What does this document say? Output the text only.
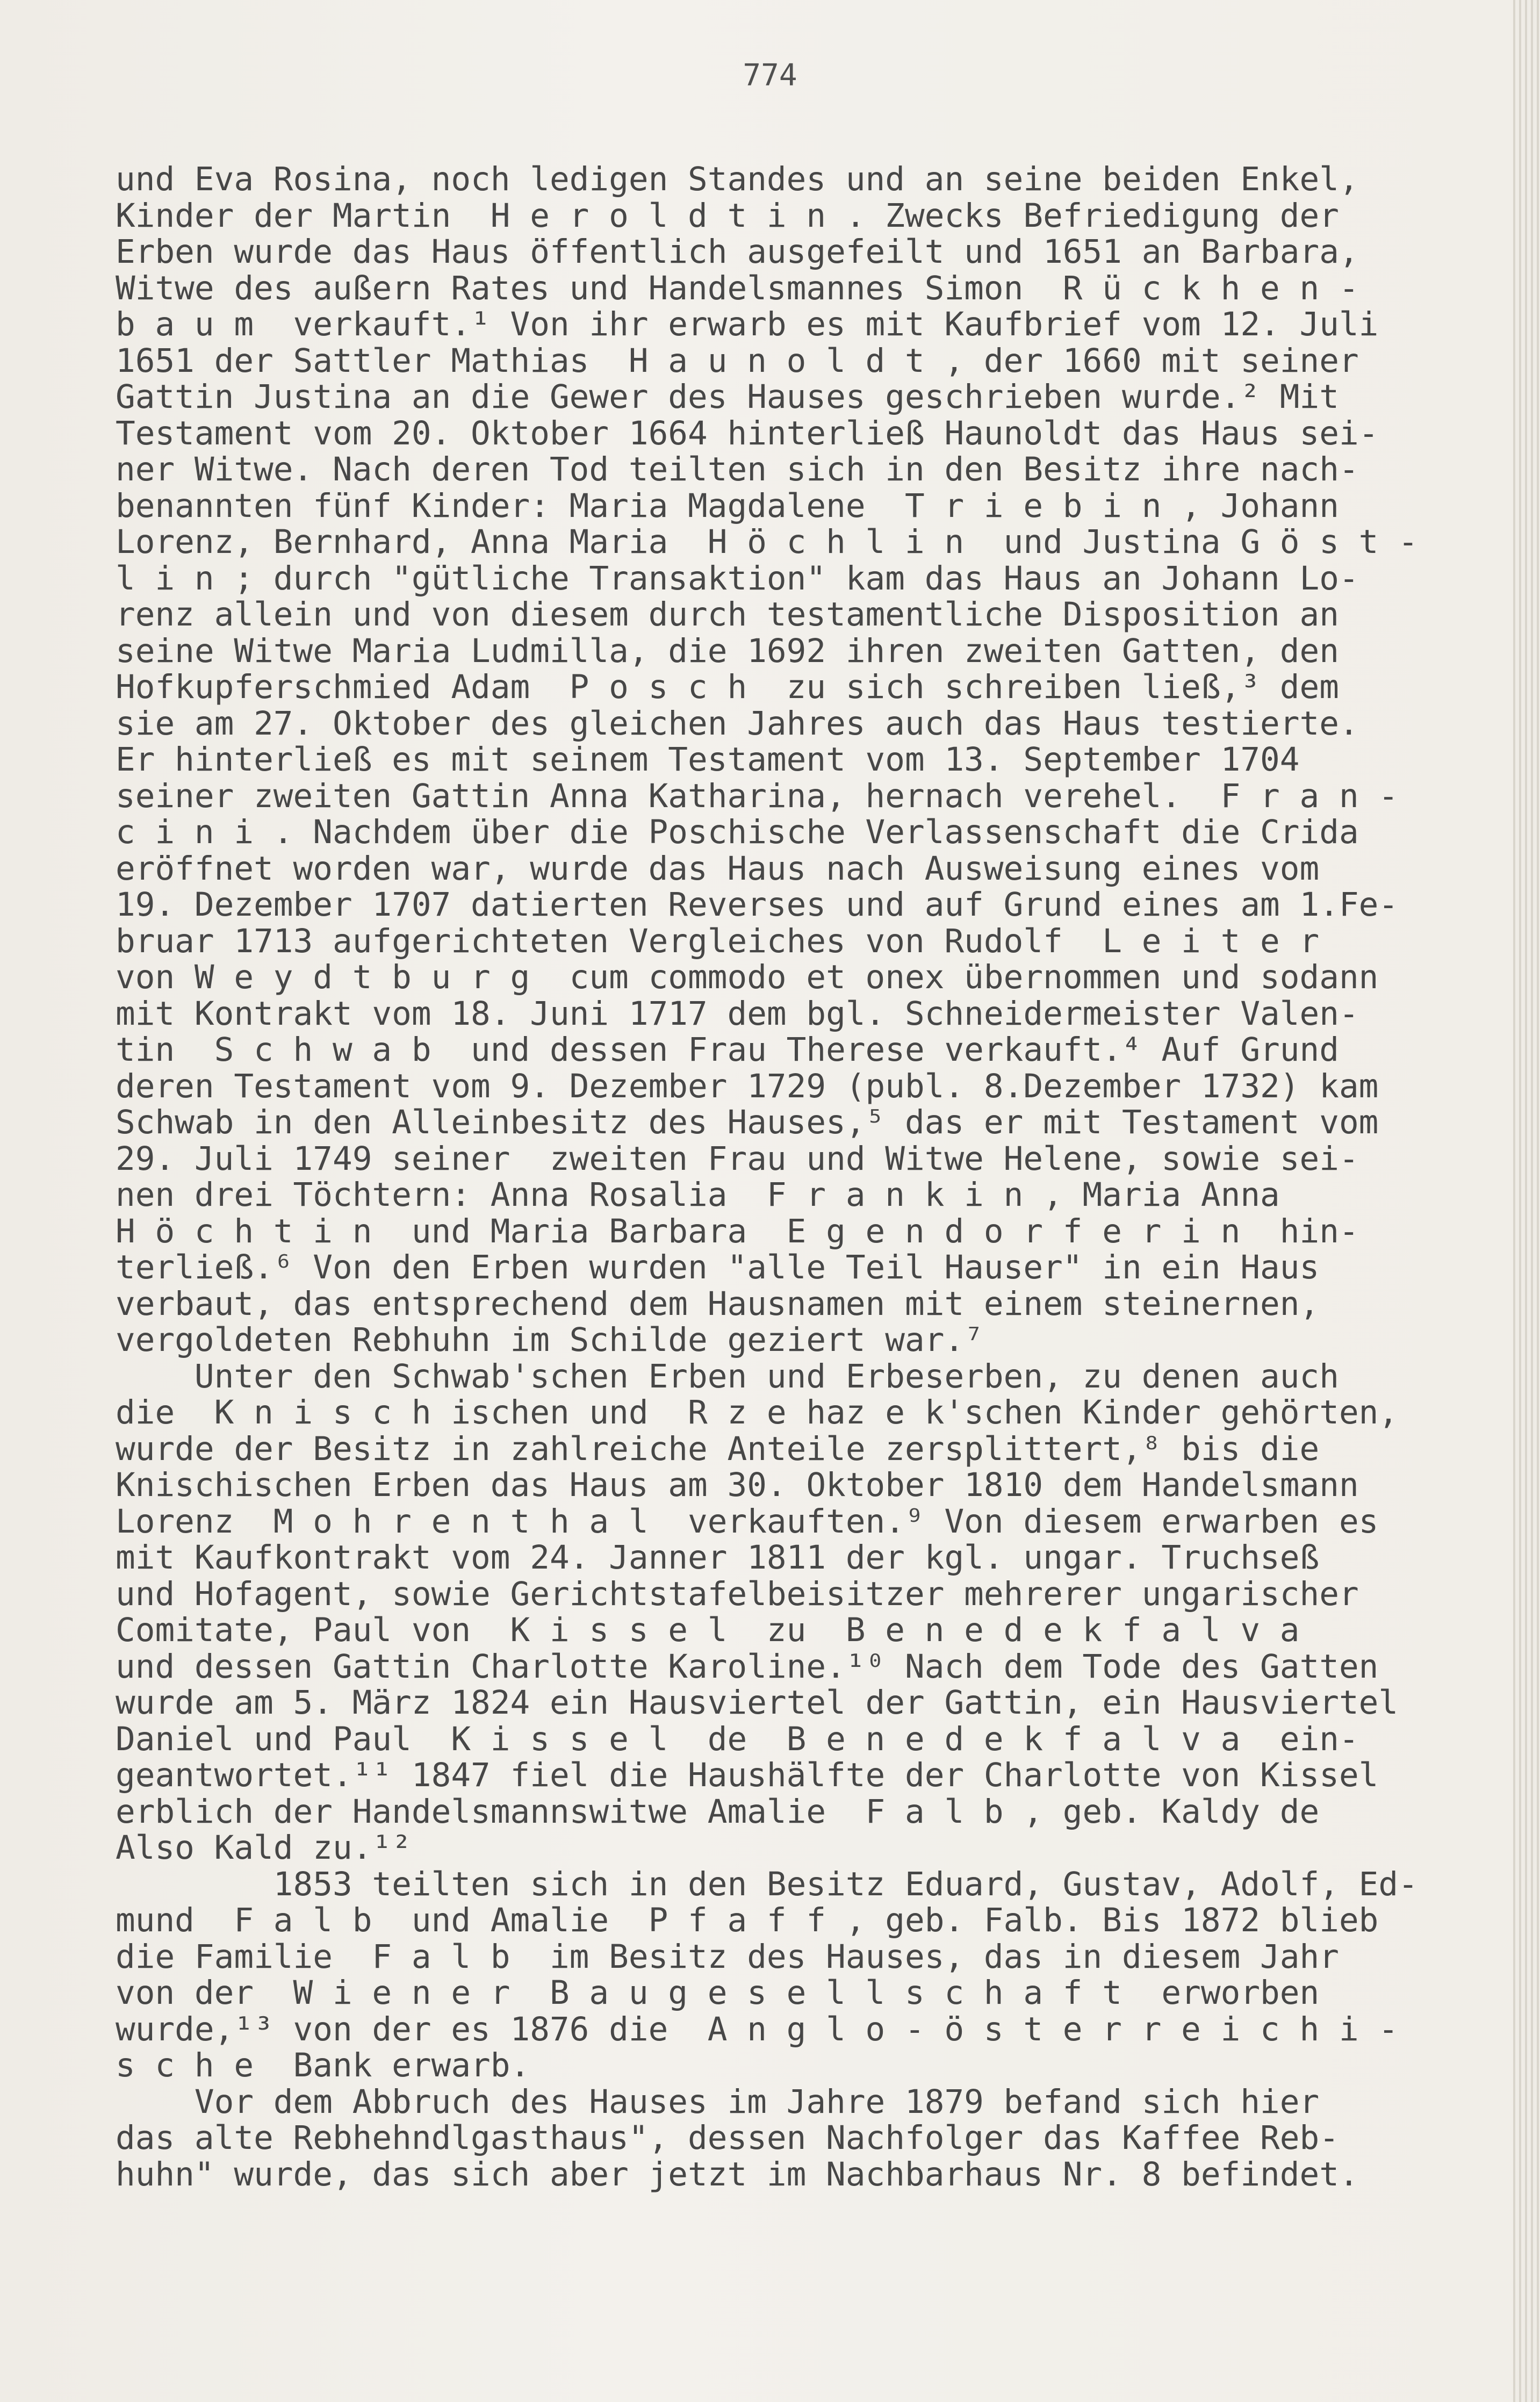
774
und Eva Rosina, noch ledigen Standes und an seine beiden Enkel,
Kinder der Martin  H e r o l d t i n . Zwecks Befriedigung der
Erben wurde das Haus öffentlich ausgefeilt und 1651 an Barbara,
Witwe des außern Rates und Handelsmannes Simon  R ü c k h e n -
b a u m  verkauft.¹ Von ihr erwarb es mit Kaufbrief vom 12. Juli
1651 der Sattler Mathias  H a u n o l d t , der 1660 mit seiner
Gattin Justina an die Gewer des Hauses geschrieben wurde.² Mit
Testament vom 20. Oktober 1664 hinterließ Haunoldt das Haus sei-
ner Witwe. Nach deren Tod teilten sich in den Besitz ihre nach-
benannten fünf Kinder: Maria Magdalene  T r i e b i n , Johann
Lorenz, Bernhard, Anna Maria  H ö c h l i n  und Justina G ö s t -
l i n ; durch "gütliche Transaktion" kam das Haus an Johann Lo-
renz allein und von diesem durch testamentliche Disposition an
seine Witwe Maria Ludmilla, die 1692 ihren zweiten Gatten, den
Hofkupferschmied Adam  P o s c h  zu sich schreiben ließ,³ dem
sie am 27. Oktober des gleichen Jahres auch das Haus testierte.
Er hinterließ es mit seinem Testament vom 13. September 1704
seiner zweiten Gattin Anna Katharina, hernach verehel.  F r a n -
c i n i . Nachdem über die Poschische Verlassenschaft die Crida
eröffnet worden war, wurde das Haus nach Ausweisung eines vom
19. Dezember 1707 datierten Reverses und auf Grund eines am 1.Fe-
bruar 1713 aufgerichteten Vergleiches von Rudolf  L e i t e r
von W e y d t b u r g  cum commodo et onex übernommen und sodann
mit Kontrakt vom 18. Juni 1717 dem bgl. Schneidermeister Valen-
tin  S c h w a b  und dessen Frau Therese verkauft.⁴ Auf Grund
deren Testament vom 9. Dezember 1729 (publ. 8.Dezember 1732) kam
Schwab in den Alleinbesitz des Hauses,⁵ das er mit Testament vom
29. Juli 1749 seiner  zweiten Frau und Witwe Helene, sowie sei-
nen drei Töchtern: Anna Rosalia  F r a n k i n , Maria Anna
H ö c h t i n  und Maria Barbara  E g e n d o r f e r i n  hin-
terließ.⁶ Von den Erben wurden "alle Teil Hauser" in ein Haus
verbaut, das entsprechend dem Hausnamen mit einem steinernen,
vergoldeten Rebhuhn im Schilde geziert war.⁷
Unter den Schwab'schen Erben und Erbeserben, zu denen auch
die  K n i s c h ischen und  R z e haz e k'schen Kinder gehörten,
wurde der Besitz in zahlreiche Anteile zersplittert,⁸ bis die
Knischischen Erben das Haus am 30. Oktober 1810 dem Handelsmann
Lorenz  M o h r e n t h a l  verkauften.⁹ Von diesem erwarben es
mit Kaufkontrakt vom 24. Janner 1811 der kgl. ungar. Truchseß
und Hofagent, sowie Gerichtstafelbeisitzer mehrerer ungarischer
Comitate, Paul von  K i s s e l  zu  B e n e d e k f a l v a
und dessen Gattin Charlotte Karoline.¹⁰ Nach dem Tode des Gatten
wurde am 5. März 1824 ein Hausviertel der Gattin, ein Hausviertel
Daniel und Paul  K i s s e l  de  B e n e d e k f a l v a  ein-
geantwortet.¹¹ 1847 fiel die Haushälfte der Charlotte von Kissel
erblich der Handelsmannswitwe Amalie  F a l b , geb. Kaldy de
Also Kald zu.¹²
1853 teilten sich in den Besitz Eduard, Gustav, Adolf, Ed-
mund  F a l b  und Amalie  P f a f f , geb. Falb. Bis 1872 blieb
die Familie  F a l b  im Besitz des Hauses, das in diesem Jahr
von der  W i e n e r  B a u g e s e l l s c h a f t  erworben
wurde,¹³ von der es 1876 die  A n g l o - ö s t e r r e i c h i -
s c h e  Bank erwarb.
Vor dem Abbruch des Hauses im Jahre 1879 befand sich hier
das alte Rebhehndlgasthaus", dessen Nachfolger das Kaffee Reb-
huhn" wurde, das sich aber jetzt im Nachbarhaus Nr. 8 befindet.
